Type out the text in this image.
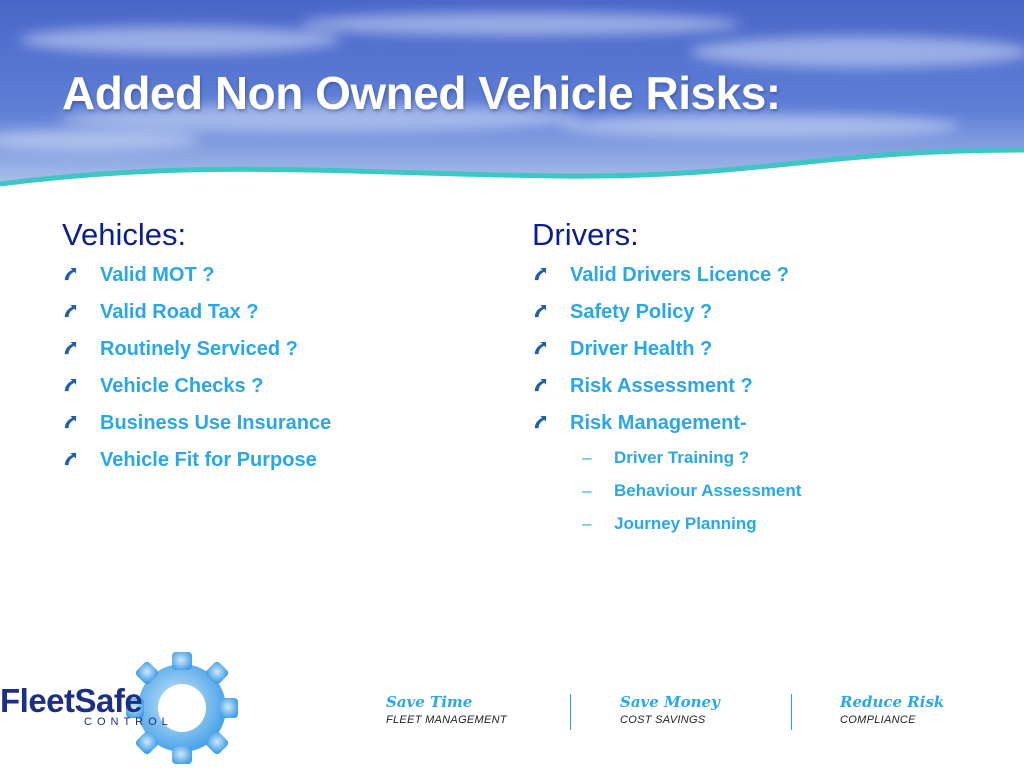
Added Non Owned Vehicle Risks:
Vehicles:
Valid MOT ?
Valid Road Tax ?
Routinely Serviced ?
Vehicle Checks ?
Business Use Insurance
Vehicle Fit for Purpose
Drivers:
Valid Drivers Licence ?
Safety Policy ?
Driver Health ?
Risk Assessment ?
Risk Management-
– Driver Training ?
– Behaviour Assessment
– Journey Planning
FleetSafe
CONTROL
Save Time
FLEET MANAGEMENT
Save Money
COST SAVINGS
Reduce Risk
COMPLIANCE
